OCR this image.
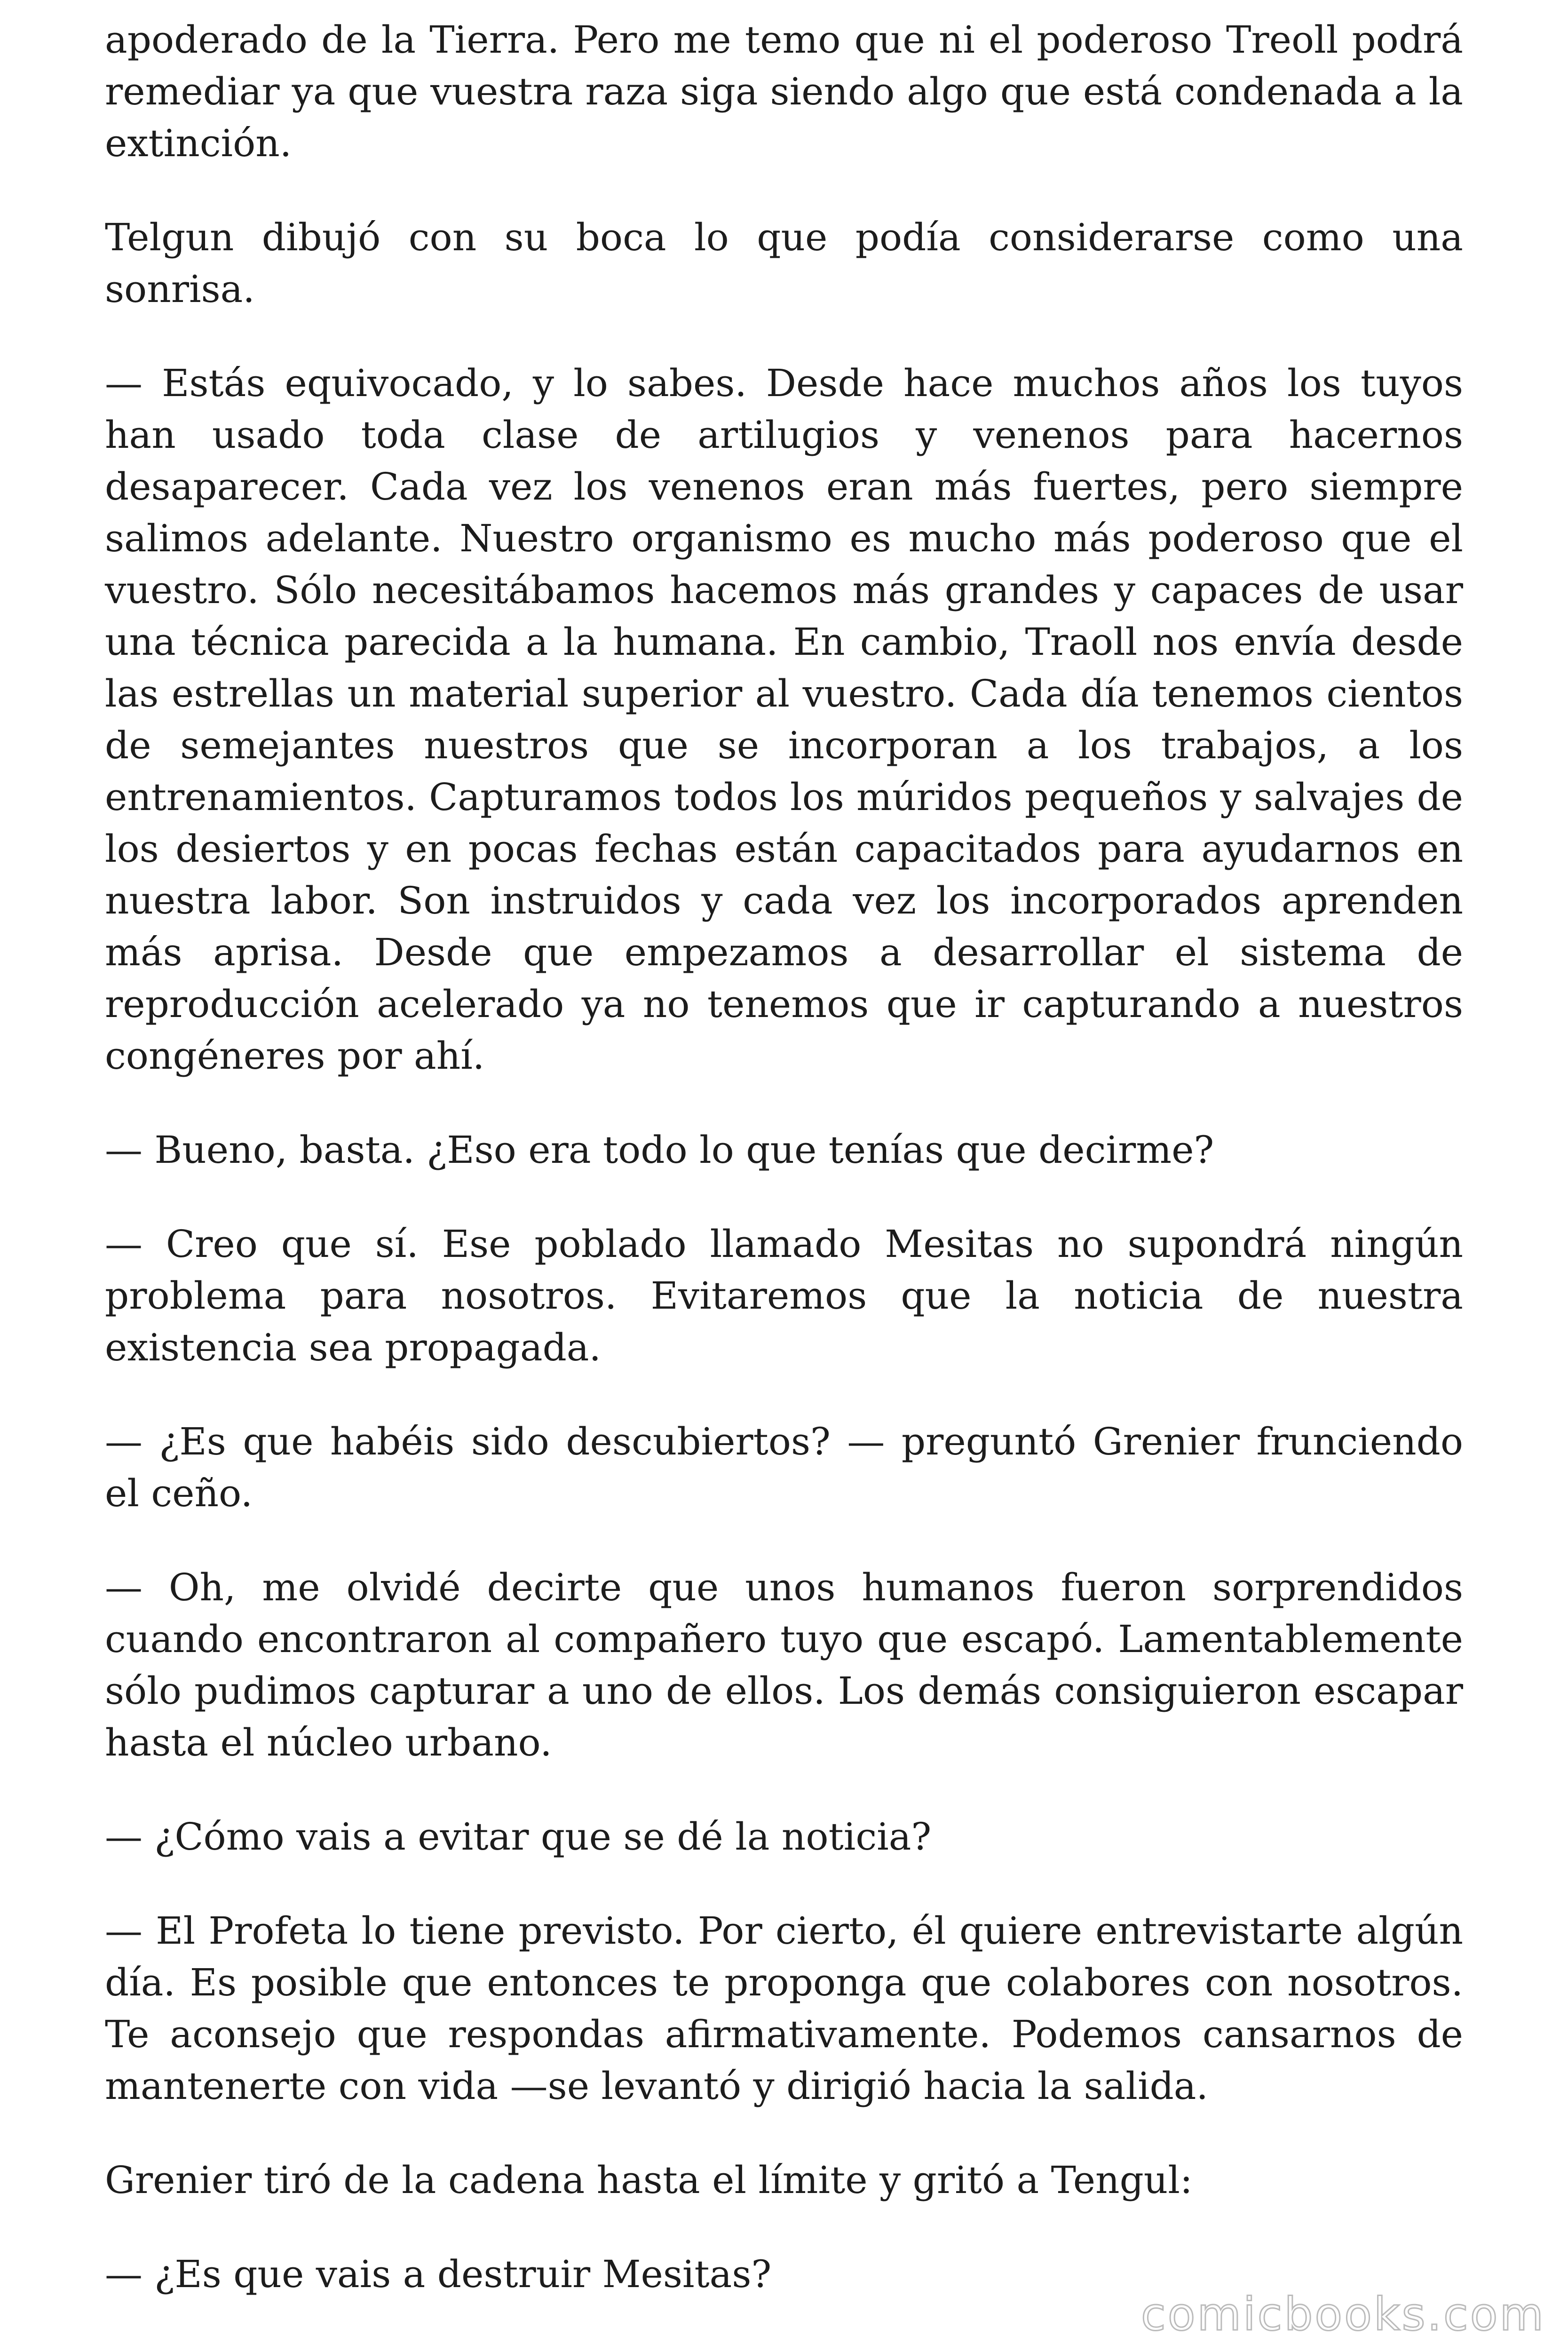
apoderado de la Tierra. Pero me temo que ni el poderoso Treoll podrá remediar ya que vuestra raza siga siendo algo que está condenada a la extinción.

Telgun dibujó con su boca lo que podía considerarse como una sonrisa.

— Estás equivocado, y lo sabes. Desde hace muchos años los tuyos han usado toda clase de artilugios y venenos para hacernos desaparecer. Cada vez los venenos eran más fuertes, pero siempre salimos adelante. Nuestro organismo es mucho más poderoso que el vuestro. Sólo necesitábamos hacemos más grandes y capaces de usar una técnica parecida a la humana. En cambio, Traoll nos envía desde las estrellas un material superior al vuestro. Cada día tenemos cientos de semejantes nuestros que se incorporan a los trabajos, a los entrenamientos. Capturamos todos los múridos pequeños y salvajes de los desiertos y en pocas fechas están capacitados para ayudarnos en nuestra labor. Son instruidos y cada vez los incorporados aprenden más aprisa. Desde que empezamos a desarrollar el sistema de reproducción acelerado ya no tenemos que ir capturando a nuestros congéneres por ahí.

— Bueno, basta. ¿Eso era todo lo que tenías que decirme?

— Creo que sí. Ese poblado llamado Mesitas no supondrá ningún problema para nosotros. Evitaremos que la noticia de nuestra existencia sea propagada.

— ¿Es que habéis sido descubiertos? — preguntó Grenier frunciendo el ceño.

— Oh, me olvidé decirte que unos humanos fueron sorprendidos cuando encontraron al compañero tuyo que escapó. Lamentablemente sólo pudimos capturar a uno de ellos. Los demás consiguieron escapar hasta el núcleo urbano.

— ¿Cómo vais a evitar que se dé la noticia?

— El Profeta lo tiene previsto. Por cierto, él quiere entrevistarte algún día. Es posible que entonces te proponga que colabores con nosotros. Te aconsejo que respondas afirmativamente. Podemos cansarnos de mantenerte con vida —se levantó y dirigió hacia la salida.

Grenier tiró de la cadena hasta el límite y gritó a Tengul:

— ¿Es que vais a destruir Mesitas?

comicbooks.com
